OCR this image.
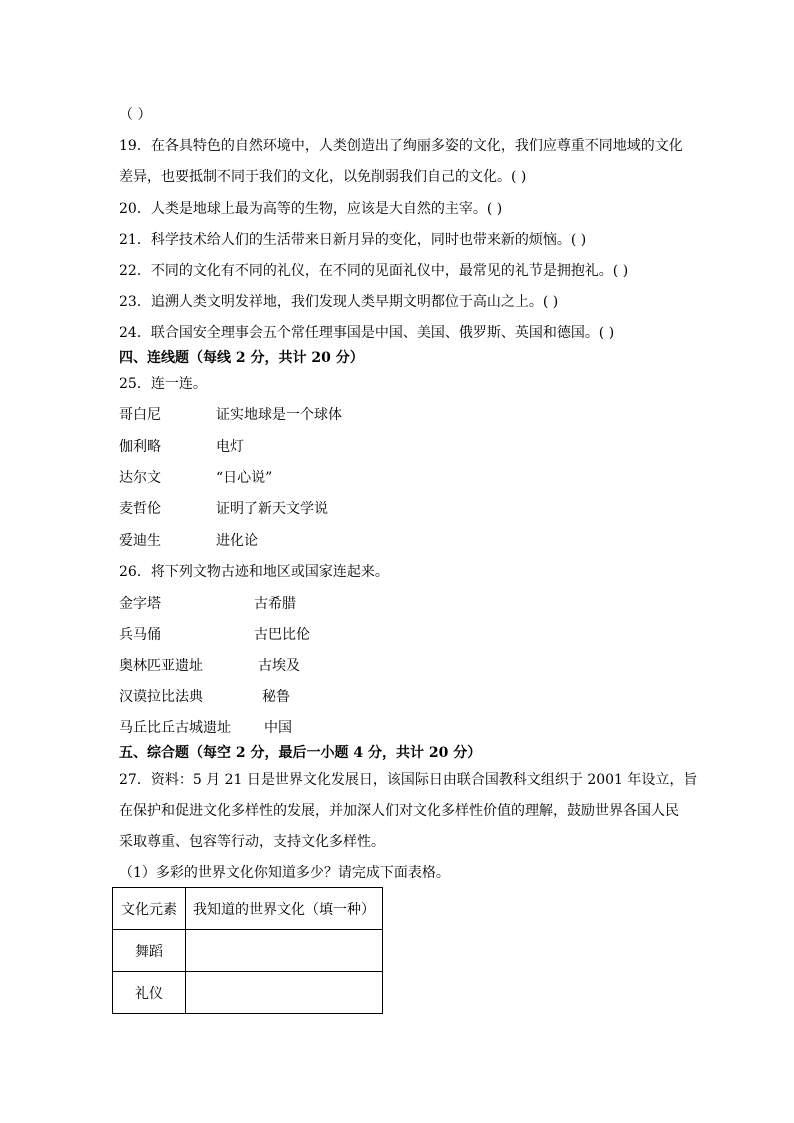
（ ）
19．在各具特色的自然环境中，人类创造出了绚丽多姿的文化，我们应尊重不同地域的文化
差异，也要抵制不同于我们的文化，以免削弱我们自己的文化。( )
20．人类是地球上最为高等的生物，应该是大自然的主宰。( )
21．科学技术给人们的生活带来日新月异的变化，同时也带来新的烦恼。( )
22．不同的文化有不同的礼仪，在不同的见面礼仪中，最常见的礼节是拥抱礼。( )
23．追溯人类文明发祥地，我们发现人类早期文明都位于高山之上。( )
24．联合国安全理事会五个常任理事国是中国、美国、俄罗斯、英国和德国。( )
四、连线题（每线 2 分，共计 20 分）
25．连一连。
哥白尼	证实地球是一个球体
伽利略	电灯
达尔文	“日心说”
麦哲伦	证明了新天文学说
爱迪生	进化论
26．将下列文物古迹和地区或国家连起来。
金字塔	古希腊
兵马俑	古巴比伦
奥林匹亚遗址	古埃及
汉谟拉比法典	秘鲁
马丘比丘古城遗址 中国
五、综合题（每空 2 分，最后一小题 4 分，共计 20 分）
27．资料：5 月 21 日是世界文化发展日，该国际日由联合国教科文组织于 2001 年设立，旨
在保护和促进文化多样性的发展，并加深人们对文化多样性价值的理解，鼓励世界各国人民
采取尊重、包容等行动，支持文化多样性。
（1）多彩的世界文化你知道多少？请完成下面表格。
文化元素	我知道的世界文化（填一种）
舞蹈	
礼仪	
